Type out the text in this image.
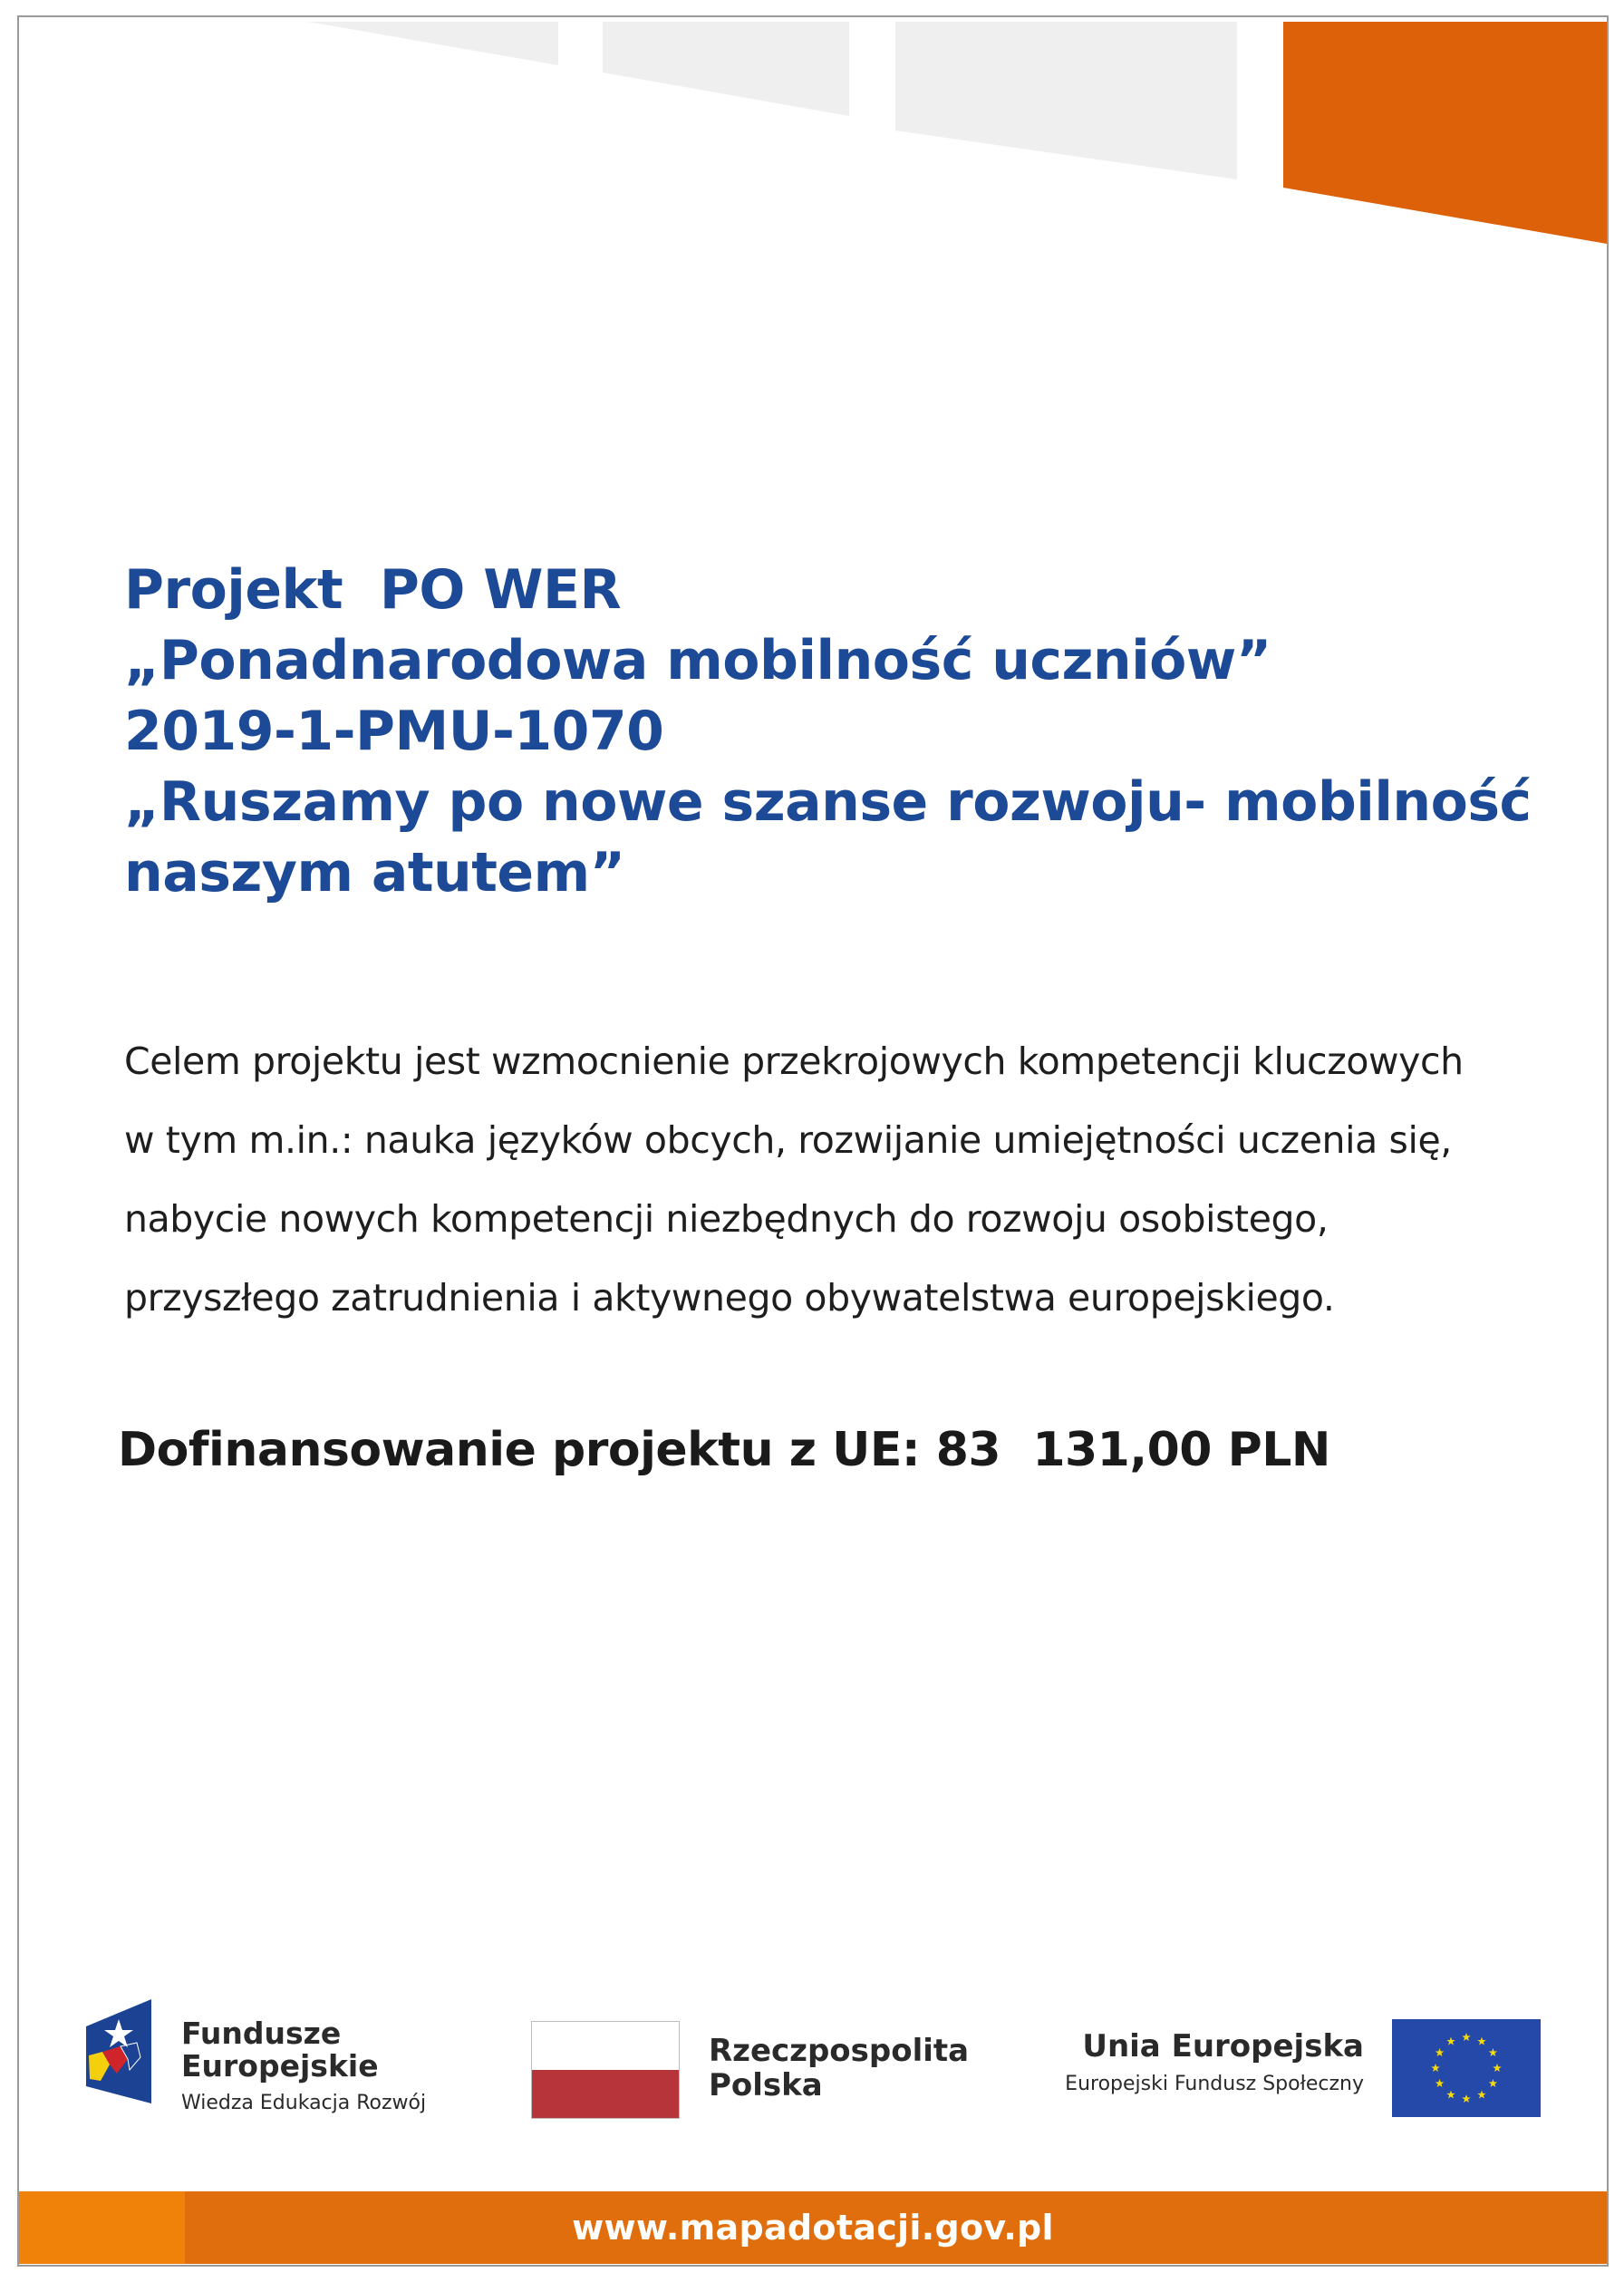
Projekt  PO WER
„Ponadnarodowa mobilność uczniów”
2019-1-PMU-1070
„Ruszamy po nowe szanse rozwoju- mobilność
naszym atutem”
Celem projektu jest wzmocnienie przekrojowych kompetencji kluczowych
w tym m.in.: nauka języków obcych, rozwijanie umiejętności uczenia się,
nabycie nowych kompetencji niezbędnych do rozwoju osobistego,
przyszłego zatrudnienia i aktywnego obywatelstwa europejskiego.
Dofinansowanie projektu z UE: 83  131,00 PLN
Fundusze
Europejskie
Wiedza Edukacja Rozwój
Rzeczpospolita
Polska
Unia Europejska
Europejski Fundusz Społeczny
www.mapadotacji.gov.pl
